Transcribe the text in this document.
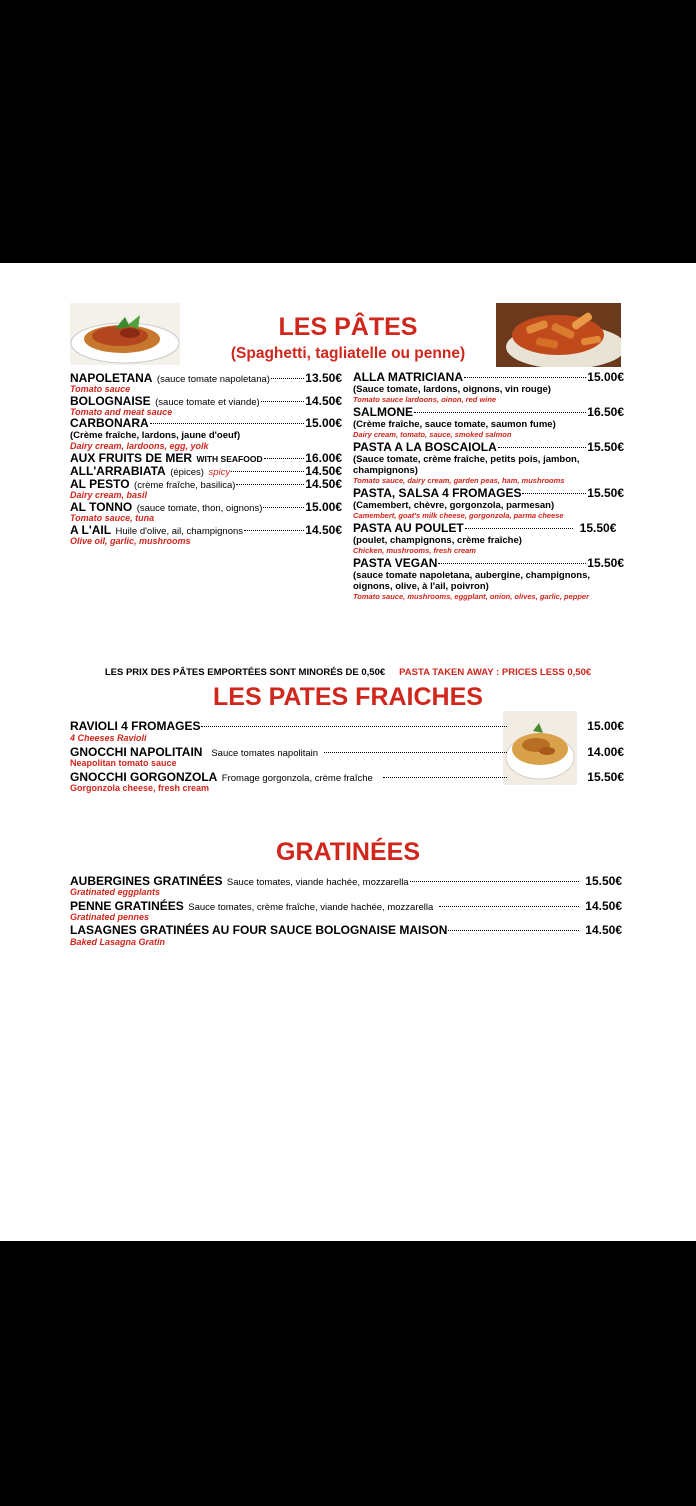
LES PÂTES
(Spaghetti, tagliatelle ou penne)
NAPOLETANA
(sauce tomate napoletana)	13.50€
Tomato sauce
BOLOGNAISE
(sauce tomate et viande)	14.50€
Tomato and meat sauce
CARBONARA	15.00€
(Crème fraîche, lardons, jaune d'oeuf)
Dairy cream, lardoons, egg, yolk
AUX FRUITS DE MER
WITH SEAFOOD	16.00€
ALL'ARRABIATA
(épices)
spicy	14.50€
AL PESTO
(crème fraîche, basilica)	14.50€
Dairy cream, basil
AL TONNO
(sauce tomate, thon, oignons)	15.00€
Tomato sauce, tuna
A L'AIL
Huile d'olive, ail, champignons	14.50€
Olive oil, garlic, mushrooms
ALLA MATRICIANA	15.00€
(Sauce tomate, lardons, oignons, vin rouge)
Tomato sauce lardoons, oinon, red wine
SALMONE	16.50€
(Crème fraîche, sauce tomate, saumon fume)
Dairy cream, tomato, sauce, smoked salmon
PASTA A LA BOSCAIOLA	15.50€
(Sauce tomate, crème fraîche, petits pois, jambon, champignons)
Tomato sauce, dairy cream, garden peas, ham, mushrooms
PASTA, SALSA 4 FROMAGES	15.50€
(Camembert, chèvre, gorgonzola, parmesan)
Camembert, goat's milk cheese, gorgonzola, parma cheese
PASTA AU POULET	15.50€
(poulet, champignons, crème fraîche)
Chicken, mushrooms, fresh cream
PASTA VEGAN	15.50€
(sauce tomate napoletana, aubergine, champignons, oignons, olive, à l'ail, poivron)
Tomato sauce, mushrooms, eggplant, onion, olives, garlic, pepper
LES PRIX DES PÂTES EMPORTÉES SONT MINORÉS DE 0,50€ PASTA TAKEN AWAY : PRICES LESS 0,50€
LES PATES FRAICHES
RAVIOLI 4 FROMAGES	15.00€
4 Cheeses Ravioli
GNOCCHI NAPOLITAIN
Sauce tomates napolitain	14.00€
Neapolitan tomato sauce
GNOCCHI GORGONZOLA
Fromage gorgonzola, crème fraîche	15.50€
Gorgonzola cheese, fresh cream
GRATINÉES
AUBERGINES GRATINÉES
Sauce tomates, viande hachée, mozzarella	15.50€
Gratinated eggplants
PENNE GRATINÉES
Sauce tomates, crème fraîche, viande hachée, mozzarella	14.50€
Gratinated pennes
LASAGNES GRATINÉES AU FOUR SAUCE BOLOGNAISE MAISON	14.50€
Baked Lasagna Gratin
